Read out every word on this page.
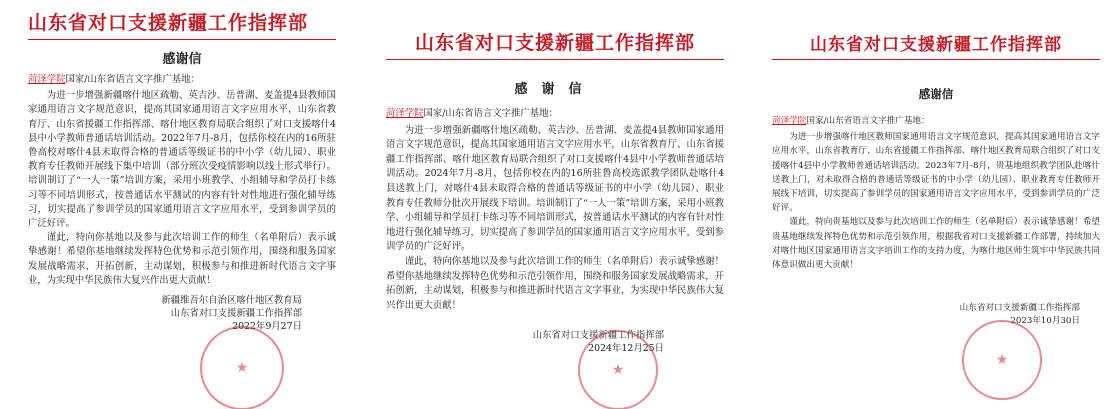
山东省对口支援新疆工作指挥部
感谢信

菏泽学院国家/山东省语言文字推广基地：

为进一步增强新疆喀什地区疏勒、英吉沙、岳普湖、麦盖提4县教师国家通用语言文字规范意识，提高其国家通用语言文字应用水平，山东省教育厅、山东省援疆工作指挥部、喀什地区教育局联合组织了对口支援喀什4县中小学教师普通话培训活动。2022年7月-8月，包括你校在内的16所驻鲁高校对喀什4县未取得合格的普通话等级证书的中小学（幼儿园）、职业教育专任教师开展线下集中培训（部分班次受疫情影响以线上形式举行）。培训制订了“一人一策”培训方案，采用小班教学、小组辅导和学员打卡练习等不同培训形式，按普通话水平测试的内容有针对性地进行强化辅导练习，切实提高了参训学员的国家通用语言文字应用水平，受到参训学员的广泛好评。

谨此，特向你基地以及参与此次培训工作的师生（名单附后）表示诚挚感谢！希望你基地继续发挥特色优势和示范引领作用，围绕和服务国家发展战略需求，开拓创新，主动谋划，积极参与和推进新时代语言文字事业，为实现中华民族伟大复兴作出更大贡献！

新疆维吾尔自治区喀什地区教育局
山东省对口支援新疆工作指挥部
2022年9月27日
★
山东省对口支援新疆工作指挥部
感谢信

菏泽学院国家/山东省语言文字推广基地：

为进一步增强新疆喀什地区疏勒、英吉沙、岳普湖、麦盖提4县教师国家通用语言文字规范意识，提高其国家通用语言文字应用水平，山东省教育厅、山东省援疆工作指挥部、喀什地区教育局联合组织了对口支援喀什4县中小学教师普通话培训活动。2024年7月-8月，包括你校在内的16所驻鲁高校选派教学团队赴喀什4县送教上门，对喀什4县未取得合格的普通话等级证书的中小学（幼儿园）、职业教育专任教师分批次开展线下培训。培训制订了“一人一策”培训方案，采用小班教学、小组辅导和学员打卡练习等不同培训形式，按普通话水平测试的内容有针对性地进行强化辅导练习，切实提高了参训学员的国家通用语言文字应用水平，受到参训学员的广泛好评。

谨此，特向你基地以及参与此次培训工作的师生（名单附后）表示诚挚感谢！希望你基地继续发挥特色优势和示范引领作用，围绕和服务国家发展战略需求，开拓创新，主动谋划，积极参与和推进新时代语言文字事业，为实现中华民族伟大复兴作出更大贡献！

山东省对口支援新疆工作指挥部
2024年12月25日
★
山东省对口支援新疆工作指挥部
感谢信

菏泽学院国家/山东省语言文字推广基地：

为进一步增强喀什地区教师国家通用语言文字规范意识，提高其国家通用语言文字应用水平，山东省教育厅、山东省援疆工作指挥部、喀什地区教育局联合组织了对口支援喀什4县中小学教师普通话培训活动。2023年7月-8月，贵基地组织教学团队赴喀什送教上门，对未取得合格的普通话等级证书的中小学（幼儿园）、职业教育专任教师开展线下培训，切实提高了参训学员的国家通用语言文字应用水平，受到参训学员的广泛好评。

谨此，特向贵基地以及参与此次培训工作的师生（名单附后）表示诚挚感谢！希望贵基地继续发挥特色优势和示范引领作用，根据我省对口支援新疆工作部署，持续加大对喀什地区国家通用语言文字培训工作的支持力度，为喀什地区师生筑牢中华民族共同体意识做出更大贡献！

山东省对口支援新疆工作指挥部
2023年10月30日
★
